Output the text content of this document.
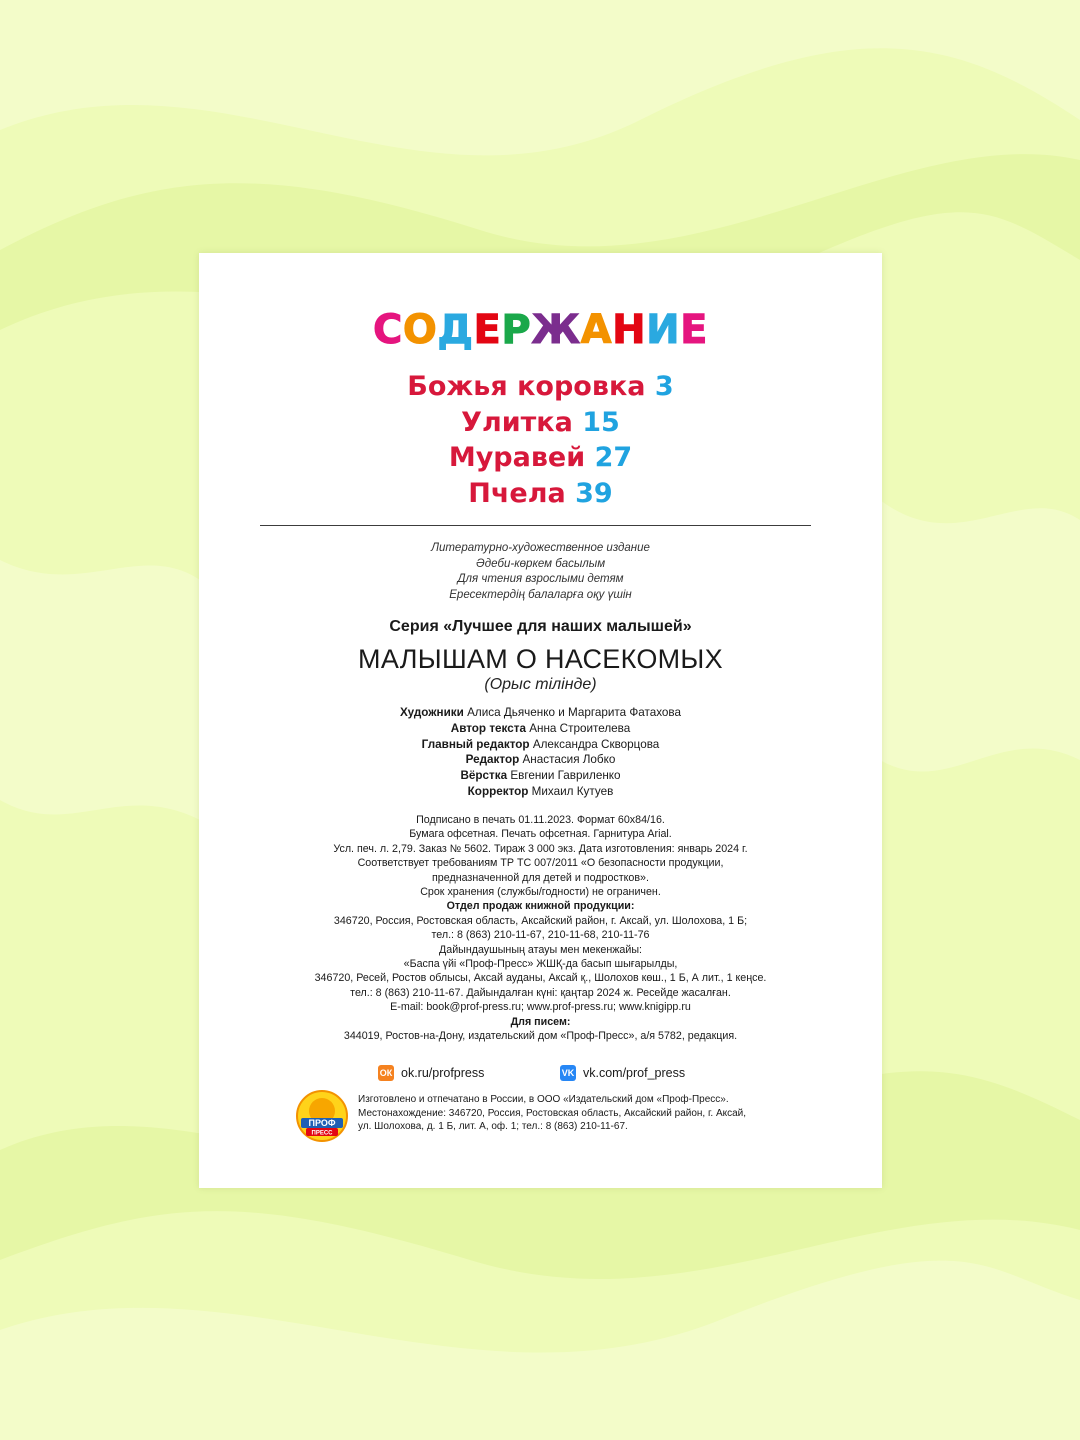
СОДЕРЖАНИЕ
Божья коровка 3
Улитка 15
Муравей 27
Пчела 39
Литературно-художественное издание
Әдеби-көркем басылым
Для чтения взрослыми детям
Ересектердің балаларға оқу үшін
Серия «Лучшее для наших малышей»
МАЛЫШАМ О НАСЕКОМЫХ
(Орыс тілінде)
Художники Алиса Дьяченко и Маргарита Фатахова
Автор текста Анна Строителева
Главный редактор Александра Скворцова
Редактор Анастасия Лобко
Вёрстка Евгении Гавриленко
Корректор Михаил Кутуев
Подписано в печать 01.11.2023. Формат 60x84/16.
Бумага офсетная. Печать офсетная. Гарнитура Arial.
Усл. печ. л. 2,79. Заказ № 5602. Тираж 3 000 экз. Дата изготовления: январь 2024 г.
Соответствует требованиям ТР ТС 007/2011 «О безопасности продукции,
предназначенной для детей и подростков».
Срок хранения (службы/годности) не ограничен.
Отдел продаж книжной продукции:
346720, Россия, Ростовская область, Аксайский район, г. Аксай, ул. Шолохова, 1 Б;
тел.: 8 (863) 210-11-67, 210-11-68, 210-11-76
Дайындаушының атауы мен мекенжайы:
«Баспа үйі «Проф-Пресс» ЖШҚ-да басып шығарылды,
346720, Ресей, Ростов облысы, Аксай ауданы, Аксай қ., Шолохов көш., 1 Б, А лит., 1 кеңсе.
тел.: 8 (863) 210-11-67. Дайындалған күні: қаңтар 2024 ж. Ресейде жасалған.
E-mail: book@prof-press.ru; www.prof-press.ru; www.knigipp.ru
Для писем:
344019, Ростов-на-Дону, издательский дом «Проф-Пресс», а/я 5782, редакция.
ОК ok.ru/profpress	VK vk.com/prof_press
ПРОФ
ПРЕСС
Изготовлено и отпечатано в России, в ООО «Издательский дом «Проф-Пресс».
Местонахождение: 346720, Россия, Ростовская область, Аксайский район, г. Аксай,
ул. Шолохова, д. 1 Б, лит. А, оф. 1; тел.: 8 (863) 210-11-67.
